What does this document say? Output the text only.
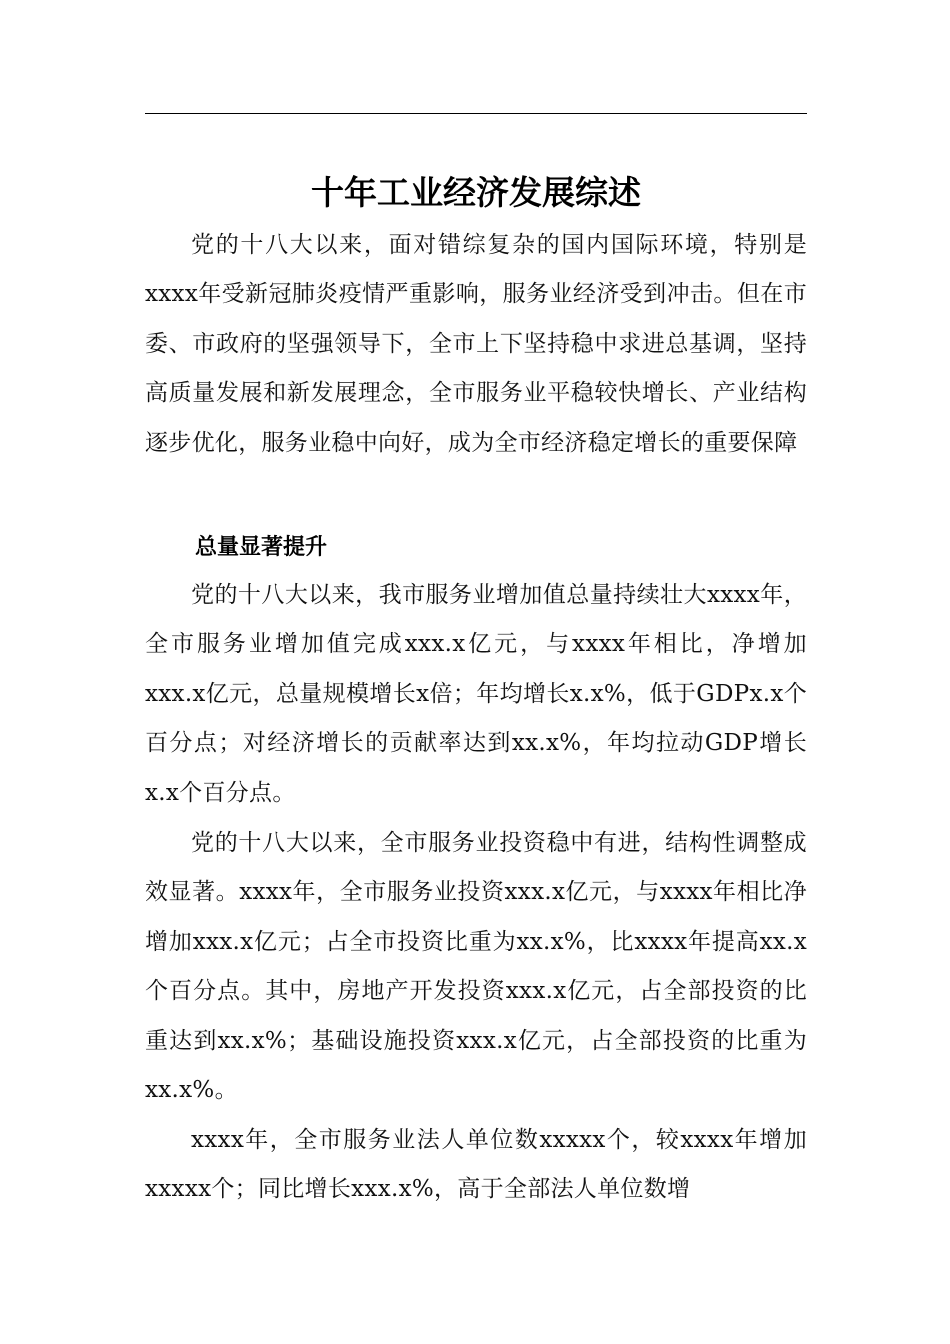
十年工业经济发展综述

党的十八大以来，面对错综复杂的国内国际环境，特别是xxxx年受新冠肺炎疫情严重影响，服务业经济受到冲击。但在市委、市政府的坚强领导下，全市上下坚持稳中求进总基调，坚持高质量发展和新发展理念，全市服务业平稳较快增长、产业结构逐步优化，服务业稳中向好，成为全市经济稳定增长的重要保障

总量显著提升

党的十八大以来，我市服务业增加值总量持续壮大xxxx年，全市服务业增加值完成xxx.x亿元，与xxxx年相比，净增加xxx.x亿元，总量规模增长x倍；年均增长x.x%，低于GDPx.x个百分点；对经济增长的贡献率达到xx.x%，年均拉动GDP增长x.x个百分点。

党的十八大以来，全市服务业投资稳中有进，结构性调整成效显著。xxxx年，全市服务业投资xxx.x亿元，与xxxx年相比净增加xxx.x亿元；占全市投资比重为xx.x%，比xxxx年提高xx.x个百分点。其中，房地产开发投资xxx.x亿元，占全部投资的比重达到xx.x%；基础设施投资xxx.x亿元，占全部投资的比重为xx.x%。

xxxx年，全市服务业法人单位数xxxxx个，较xxxx年增加xxxxx个；同比增长xxx.x%，高于全部法人单位数增
